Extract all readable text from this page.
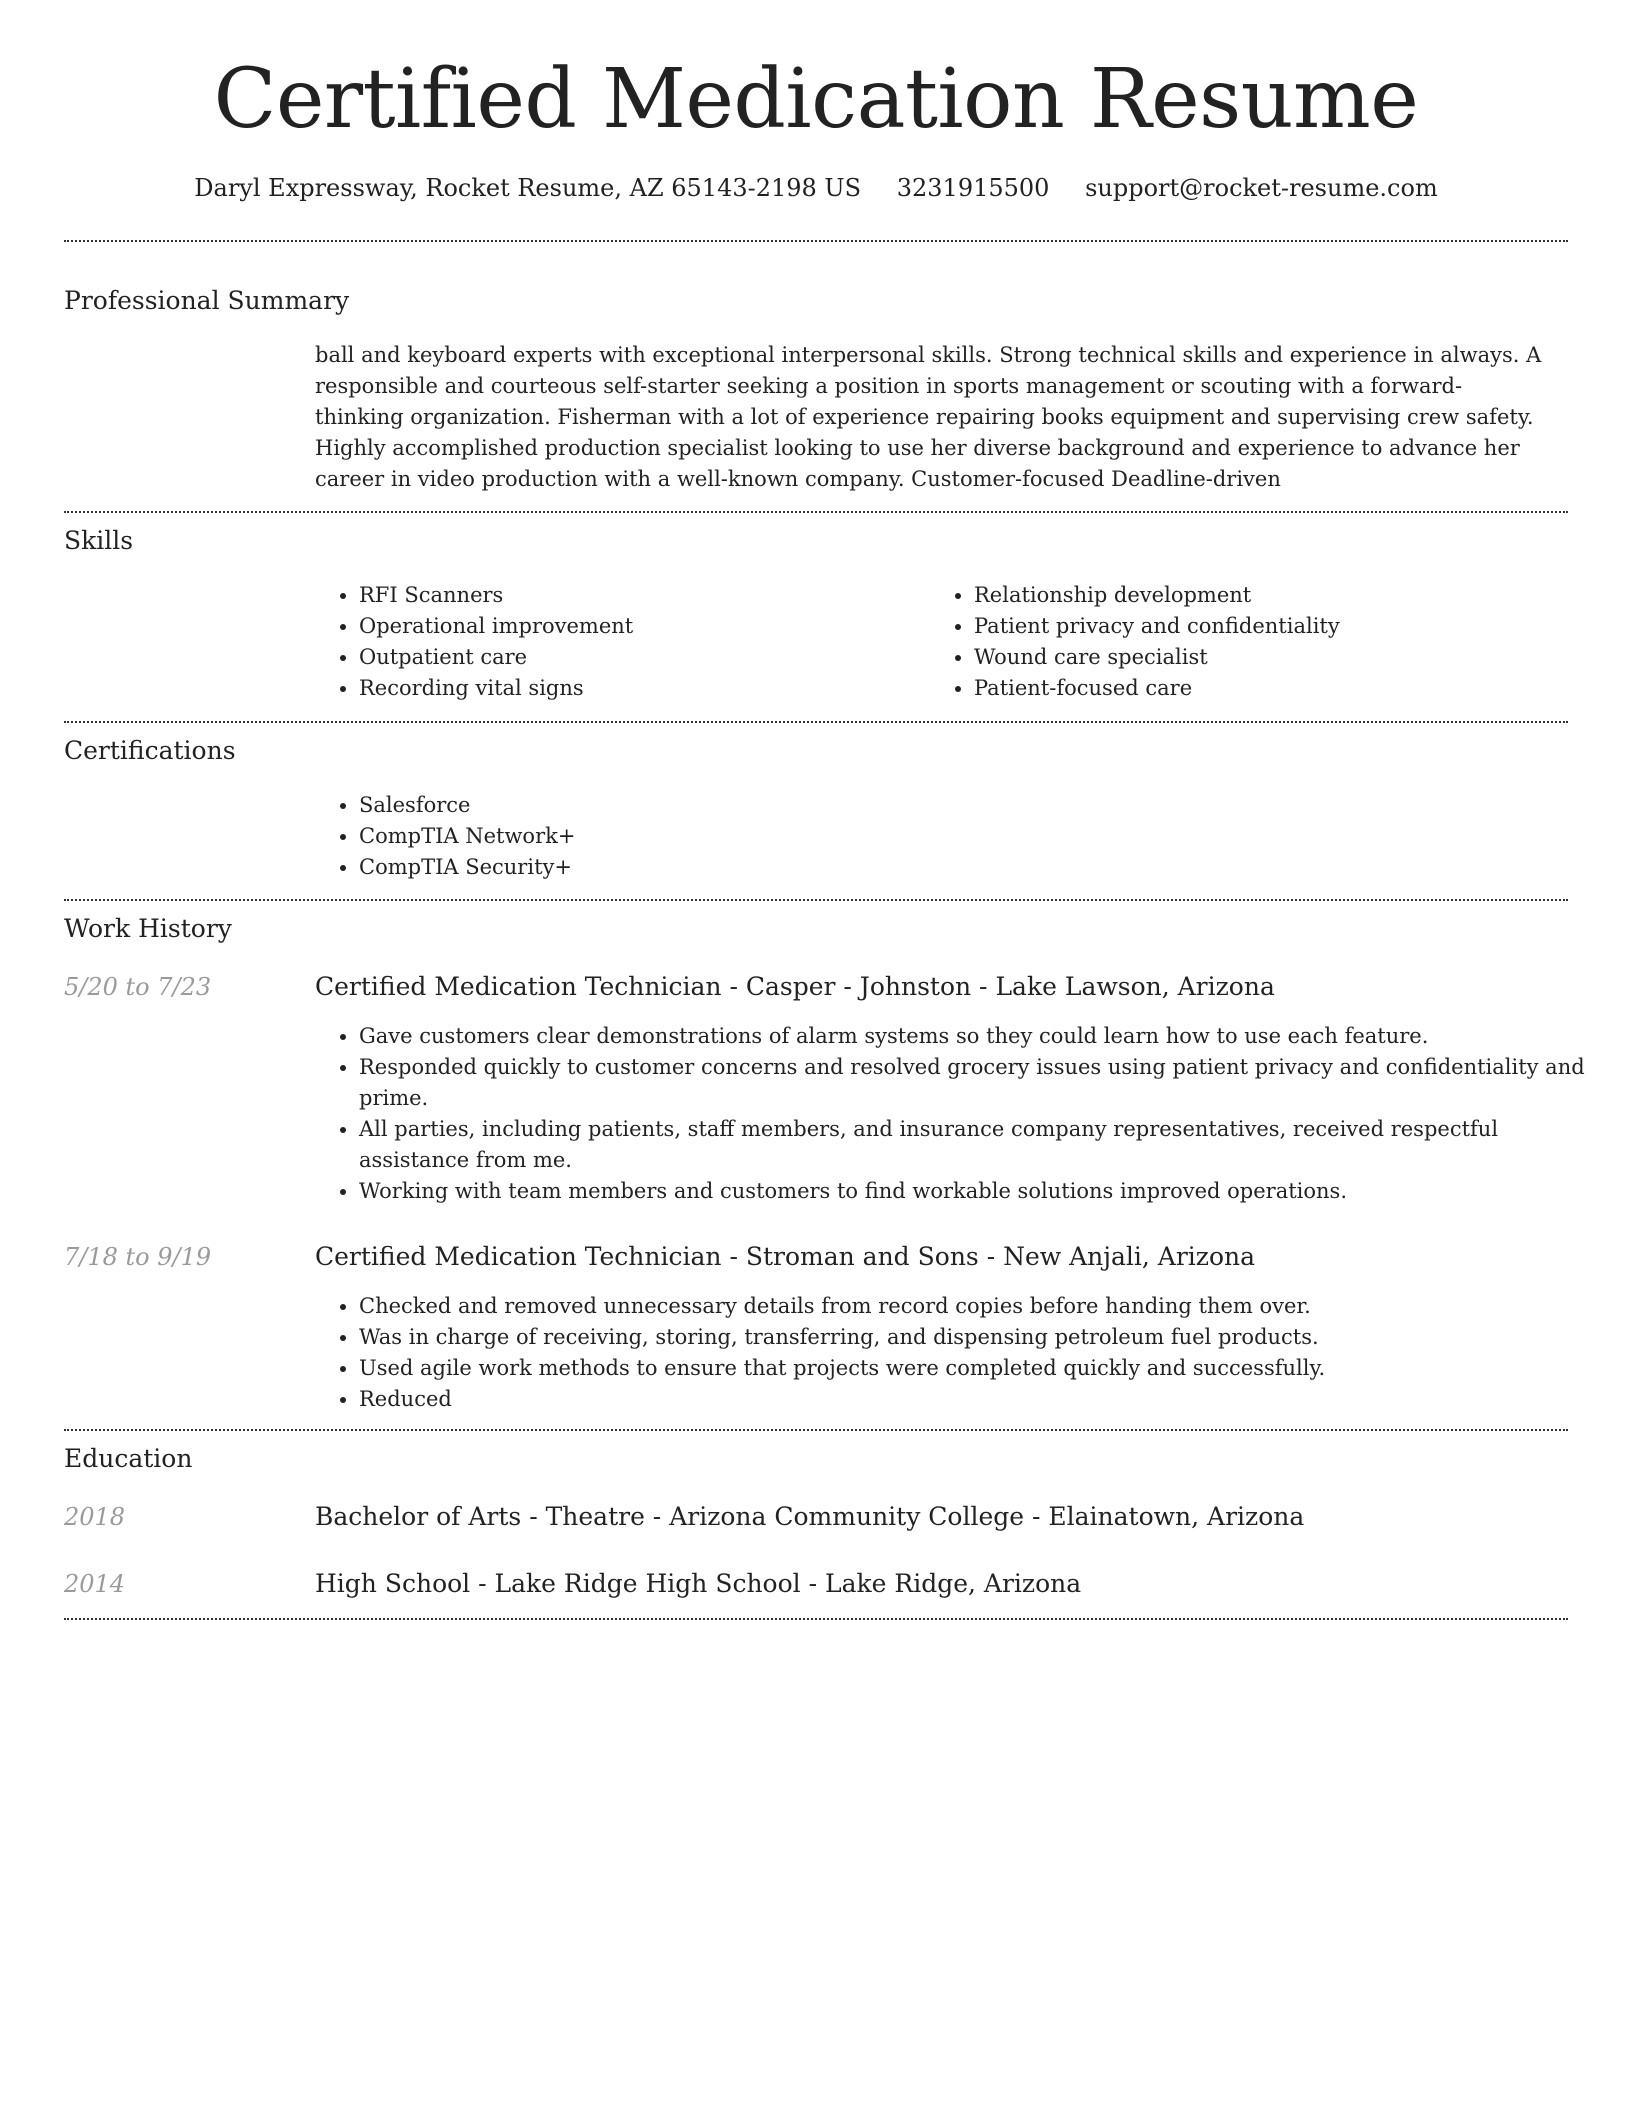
Certified Medication Resume
Daryl Expressway, Rocket Resume, AZ 65143-2198 US 3231915500 support@rocket-resume.com
Professional Summary
ball and keyboard experts with exceptional interpersonal skills. Strong technical skills and experience in always. A responsible and courteous self-starter seeking a position in sports management or scouting with a forward-thinking organization. Fisherman with a lot of experience repairing books equipment and supervising crew safety. Highly accomplished production specialist looking to use her diverse background and experience to advance her career in video production with a well-known company. Customer-focused Deadline-driven
Skills
• RFI Scanners
• Operational improvement
• Outpatient care
• Recording vital signs
• Relationship development
• Patient privacy and confidentiality
• Wound care specialist
• Patient-focused care
Certifications
• Salesforce
• CompTIA Network+
• CompTIA Security+
Work History
5/20 to 7/23	Certified Medication Technician - Casper - Johnston - Lake Lawson, Arizona
• Gave customers clear demonstrations of alarm systems so they could learn how to use each feature.
• Responded quickly to customer concerns and resolved grocery issues using patient privacy and confidentiality and prime.
• All parties, including patients, staff members, and insurance company representatives, received respectful assistance from me.
• Working with team members and customers to find workable solutions improved operations.
7/18 to 9/19	Certified Medication Technician - Stroman and Sons - New Anjali, Arizona
• Checked and removed unnecessary details from record copies before handing them over.
• Was in charge of receiving, storing, transferring, and dispensing petroleum fuel products.
• Used agile work methods to ensure that projects were completed quickly and successfully.
• Reduced
Education
2018	Bachelor of Arts - Theatre - Arizona Community College - Elainatown, Arizona
2014	High School - Lake Ridge High School - Lake Ridge, Arizona
